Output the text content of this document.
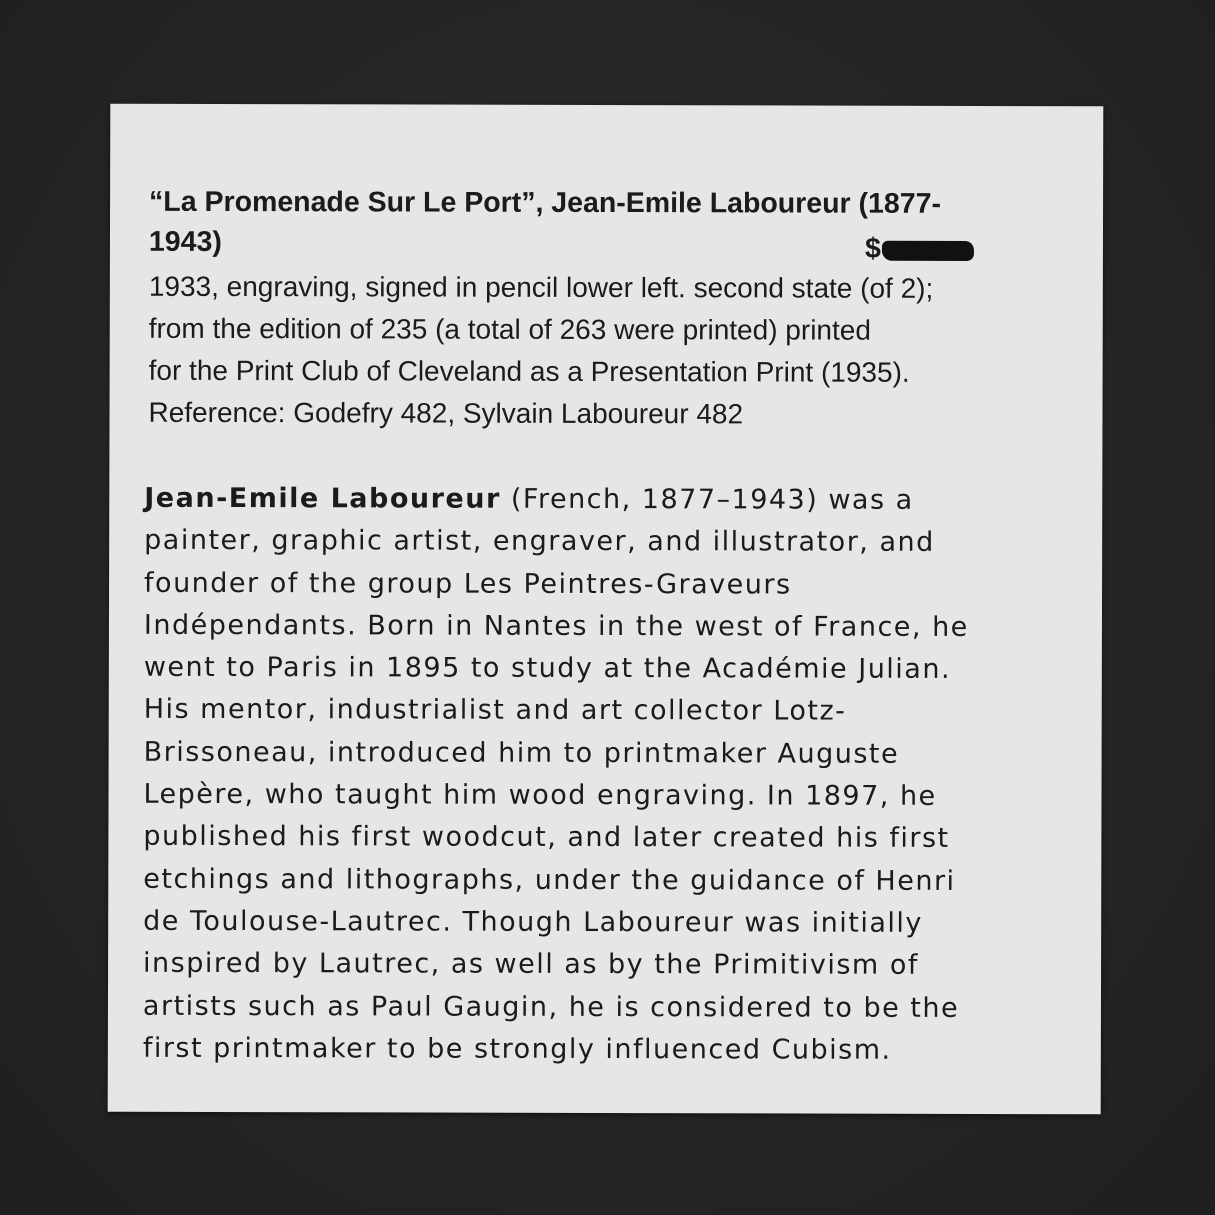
“La Promenade Sur Le Port”, Jean-Emile Laboureur (1877-
1943)	$

1933, engraving, signed in pencil lower left. second state (of 2);
from the edition of 235 (a total of 263 were printed) printed
for the Print Club of Cleveland as a Presentation Print (1935).
Reference: Godefry 482, Sylvain Laboureur 482

Jean-Emile Laboureur (French, 1877–1943) was a
painter, graphic artist, engraver, and illustrator, and
founder of the group Les Peintres-Graveurs
Indépendants. Born in Nantes in the west of France, he
went to Paris in 1895 to study at the Académie Julian.
His mentor, industrialist and art collector Lotz-
Brissoneau, introduced him to printmaker Auguste
Lepère, who taught him wood engraving. In 1897, he
published his first woodcut, and later created his first
etchings and lithographs, under the guidance of Henri
de Toulouse-Lautrec. Though Laboureur was initially
inspired by Lautrec, as well as by the Primitivism of
artists such as Paul Gaugin, he is considered to be the
first printmaker to be strongly influenced Cubism.
